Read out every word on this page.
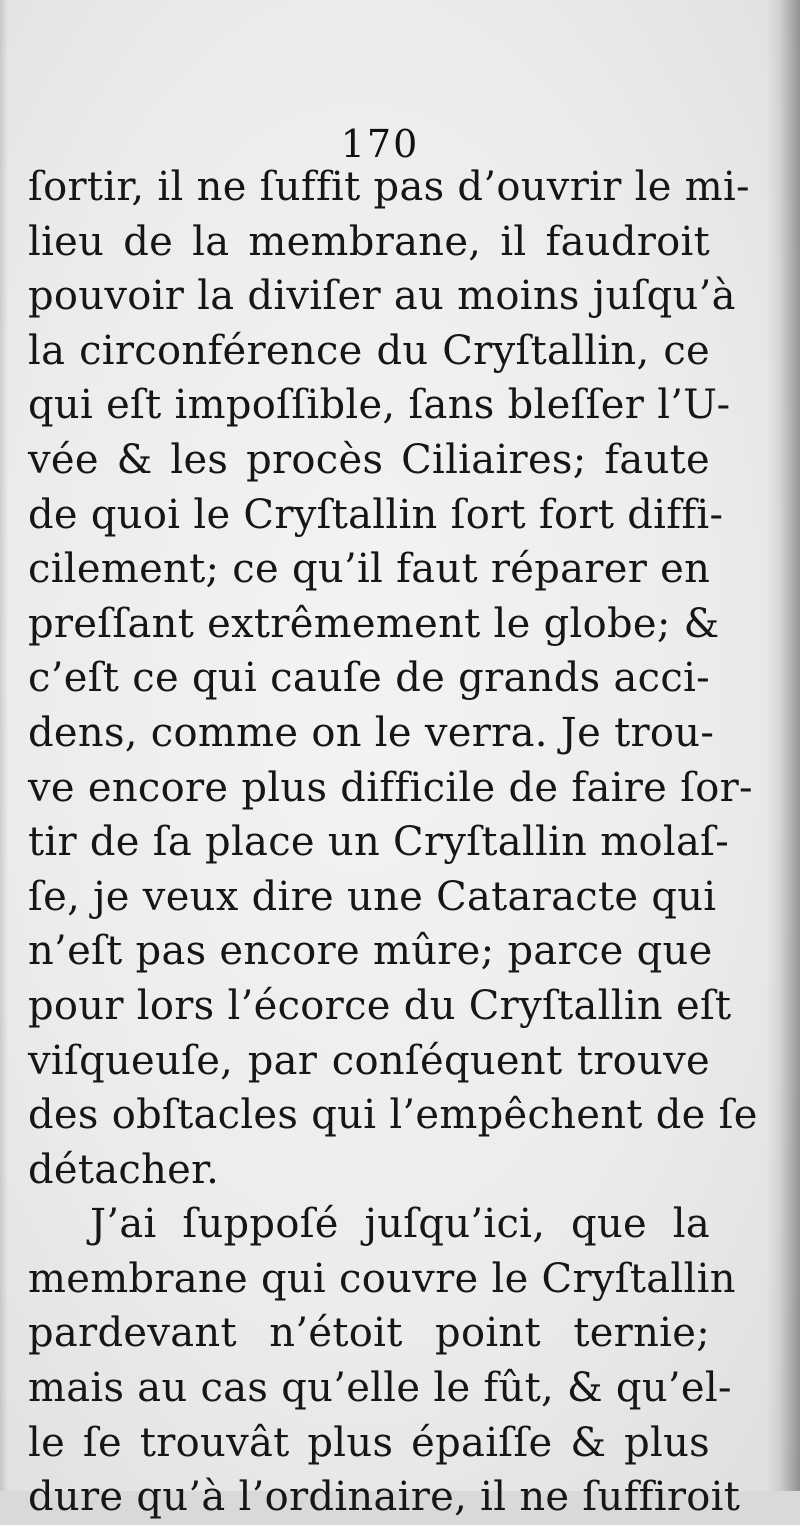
170
ſortir, il ne ſuffit pas d’ouvrir le mi-
lieu de la membrane, il faudroit
pouvoir la diviſer au moins juſqu’à
la circonférence du Cryſtallin, ce
qui eſt impoſſible, ſans bleſſer l’U-
vée & les procès Ciliaires; faute
de quoi le Cryſtallin ſort fort diffi-
cilement; ce qu’il faut réparer en
preſſant extrêmement le globe; &
c’eſt ce qui cauſe de grands acci-
dens, comme on le verra. Je trou-
ve encore plus difficile de faire ſor-
tir de ſa place un Cryſtallin molaſ-
ſe, je veux dire une Cataracte qui
n’eſt pas encore mûre; parce que
pour lors l’écorce du Cryſtallin eſt
viſqueuſe, par conſéquent trouve
des obſtacles qui l’empêchent de ſe
détacher.
J’ai ſuppoſé juſqu’ici, que la
membrane qui couvre le Cryſtallin
pardevant n’étoit point ternie;
mais au cas qu’elle le fût, & qu’el-
le ſe trouvât plus épaiſſe & plus
dure qu’à l’ordinaire, il ne ſuffiroit
